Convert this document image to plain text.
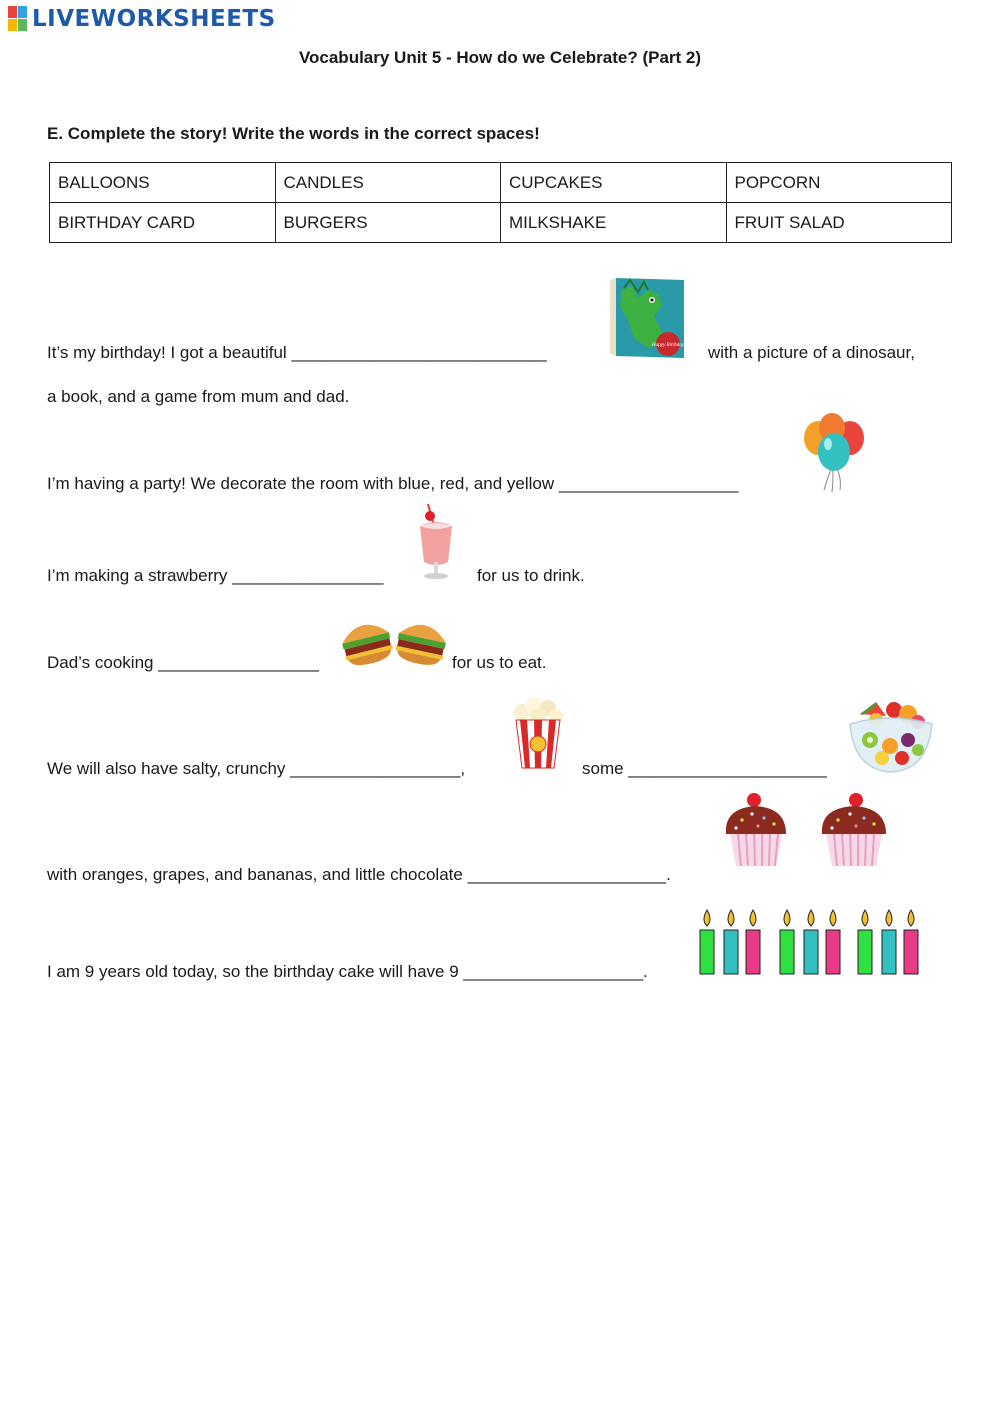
LIVEWORKSHEETS
Vocabulary Unit 5 - How do we Celebrate? (Part 2)
E. Complete the story! Write the words in the correct spaces!
BALLOONS	CANDLES	CUPCAKES	POPCORN
BIRTHDAY CARD	BURGERS	MILKSHAKE	FRUIT SALAD
It’s my birthday! I got a beautiful ___________________________	Happy Birthday with a picture of a dinosaur,
a book, and a game from mum and dad.
I’m having a party! We decorate the room with blue, red, and yellow ___________________
I’m making a strawberry ________________	for us to drink.
Dad’s cooking _________________	for us to eat.
We will also have salty, crunchy __________________,	some _____________________
with oranges, grapes, and bananas, and little chocolate _____________________.
I am 9 years old today, so the birthday cake will have 9 ___________________.
